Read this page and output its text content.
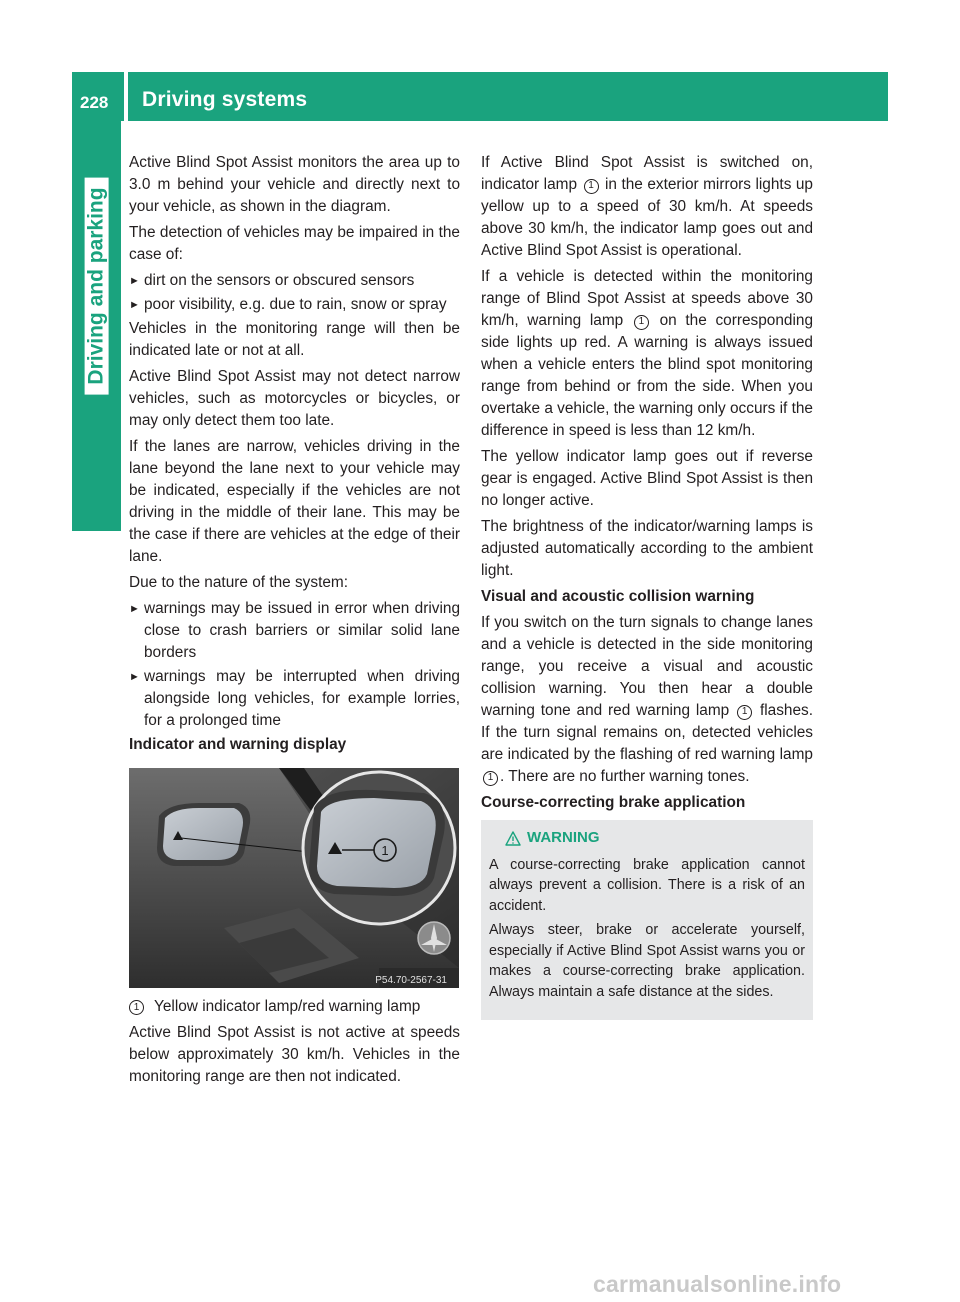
228 Driving systems
Driving and parking

Active Blind Spot Assist monitors the area up to 3.0 m behind your vehicle and directly next to your vehicle, as shown in the diagram.

The detection of vehicles may be impaired in the case of:

► dirt on the sensors or obscured sensors
► poor visibility, e.g. due to rain, snow or spray

Vehicles in the monitoring range will then be indicated late or not at all.

Active Blind Spot Assist may not detect narrow vehicles, such as motorcycles or bicycles, or may only detect them too late.

If the lanes are narrow, vehicles driving in the lane beyond the lane next to your vehicle may be indicated, especially if the vehicles are not driving in the middle of their lane. This may be the case if there are vehicles at the edge of their lane.

Due to the nature of the system:

► warnings may be issued in error when driving close to crash barriers or similar solid lane borders
► warnings may be interrupted when driving alongside long vehicles, for example lorries, for a prolonged time
Indicator and warning display
1
P54.70-2567-31
1 Yellow indicator lamp/red warning lamp

Active Blind Spot Assist is not active at speeds below approximately 30 km/h. Vehicles in the monitoring range are then not indicated.

If Active Blind Spot Assist is switched on, indicator lamp 1 in the exterior mirrors lights up yellow up to a speed of 30 km/h. At speeds above 30 km/h, the indicator lamp goes out and Active Blind Spot Assist is operational.

If a vehicle is detected within the monitoring range of Blind Spot Assist at speeds above 30 km/h, warning lamp 1 on the corresponding side lights up red. A warning is always issued when a vehicle enters the blind spot monitoring range from behind or from the side. When you overtake a vehicle, the warning only occurs if the difference in speed is less than 12 km/h.

The yellow indicator lamp goes out if reverse gear is engaged. Active Blind Spot Assist is then no longer active.

The brightness of the indicator/warning lamps is adjusted automatically according to the ambient light.

Visual and acoustic collision warning

If you switch on the turn signals to change lanes and a vehicle is detected in the side monitoring range, you receive a visual and acoustic collision warning. You then hear a double warning tone and red warning lamp 1 flashes. If the turn signal remains on, detected vehicles are indicated by the flashing of red warning lamp 1 . There are no further warning tones.

Course-correcting brake application
WARNING

A course-correcting brake application cannot always prevent a collision. There is a risk of an accident.

Always steer, brake or accelerate yourself, especially if Active Blind Spot Assist warns you or makes a course-correcting brake application. Always maintain a safe distance at the sides.

carmanualsonline.info
